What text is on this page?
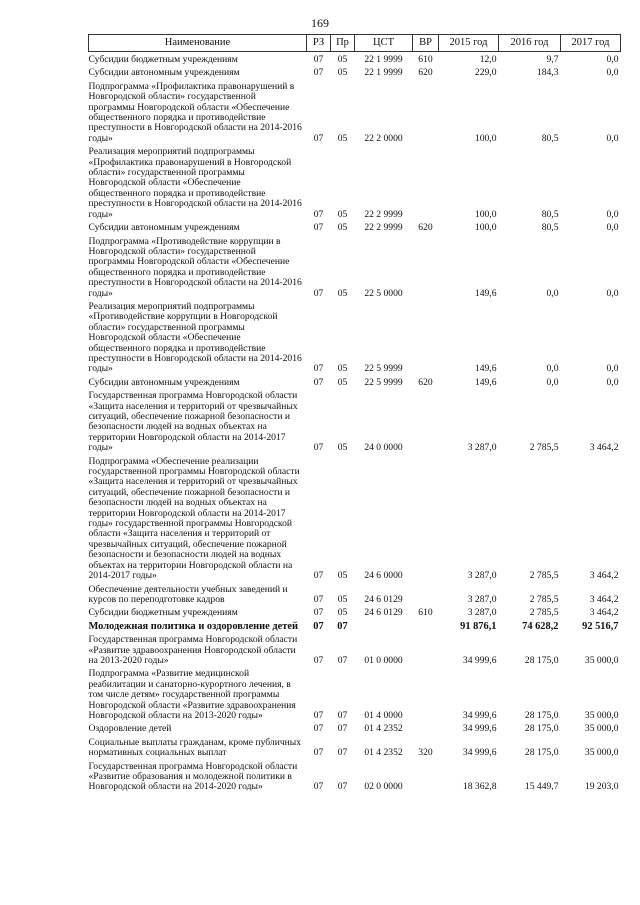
169
Наименование	РЗ	Пр	ЦСТ	ВР	2015 год	2016 год	2017 год
Субсидии бюджетным учреждениям	07	05	22 1 9999	610	12,0	9,7	0,0
Субсидии автономным учреждениям	07	05	22 1 9999	620	229,0	184,3	0,0
Подпрограмма «Профилактика правонарушений в Новгородской области» государственной программы Новгородской области «Обеспечение общественного порядка и противодействие преступности в Новгородской области на 2014-2016 годы»	07	05	22 2 0000		100,0	80,5	0,0
Реализация мероприятий подпрограммы «Профилактика правонарушений в Новгородской области» государственной программы Новгородской области «Обеспечение общественного порядка и противодействие преступности в Новгородской области на 2014-2016 годы»	07	05	22 2 9999		100,0	80,5	0,0
Субсидии автономным учреждениям	07	05	22 2 9999	620	100,0	80,5	0,0
Подпрограмма «Противодействие коррупции в Новгородской области» государственной программы Новгородской области «Обеспечение общественного порядка и противодействие преступности в Новгородской области на 2014-2016 годы»	07	05	22 5 0000		149,6	0,0	0,0
Реализация мероприятий подпрограммы «Противодействие коррупции в Новгородской области» государственной программы Новгородской области «Обеспечение общественного порядка и противодействие преступности в Новгородской области на 2014-2016 годы»	07	05	22 5 9999		149,6	0,0	0,0
Субсидии автономным учреждениям	07	05	22 5 9999	620	149,6	0,0	0,0
Государственная программа Новгородской области «Защита населения и территорий от чрезвычайных ситуаций, обеспечение пожарной безопасности и безопасности людей на водных объектах на территории Новгородской области на 2014-2017 годы»	07	05	24 0 0000		3 287,0	2 785,5	3 464,2
Подпрограмма «Обеспечение реализации государственной программы Новгородской области «Защита населения и территорий от чрезвычайных ситуаций, обеспечение пожарной безопасности и безопасности людей на водных объектах на территории Новгородской области на 2014-2017 годы» государственной программы Новгородской области «Защита населения и территорий от чрезвычайных ситуаций, обеспечение пожарной безопасности и безопасности людей на водных объектах на территории Новгородской области на 2014-2017 годы»	07	05	24 6 0000		3 287,0	2 785,5	3 464,2
Обеспечение деятельности учебных заведений и курсов по переподготовке кадров	07	05	24 6 0129		3 287,0	2 785,5	3 464,2
Субсидии бюджетным учреждениям	07	05	24 6 0129	610	3 287,0	2 785,5	3 464,2
Молодежная политика и оздоровление детей	07	07			91 876,1	74 628,2	92 516,7
Государственная программа Новгородской области «Развитие здравоохранения Новгородской области на 2013-2020 годы»	07	07	01 0 0000		34 999,6	28 175,0	35 000,0
Подпрограмма «Развитие медицинской реабилитации и санаторно-курортного лечения, в том числе детям» государственной программы Новгородской области «Развитие здравоохранения Новгородской области на 2013-2020 годы»	07	07	01 4 0000		34 999,6	28 175,0	35 000,0
Оздоровление детей	07	07	01 4 2352		34 999,6	28 175,0	35 000,0
Социальные выплаты гражданам, кроме публичных нормативных социальных выплат	07	07	01 4 2352	320	34 999,6	28 175,0	35 000,0
Государственная программа Новгородской области «Развитие образования и молодежной политики в Новгородской области на 2014-2020 годы»	07	07	02 0 0000		18 362,8	15 449,7	19 203,0
